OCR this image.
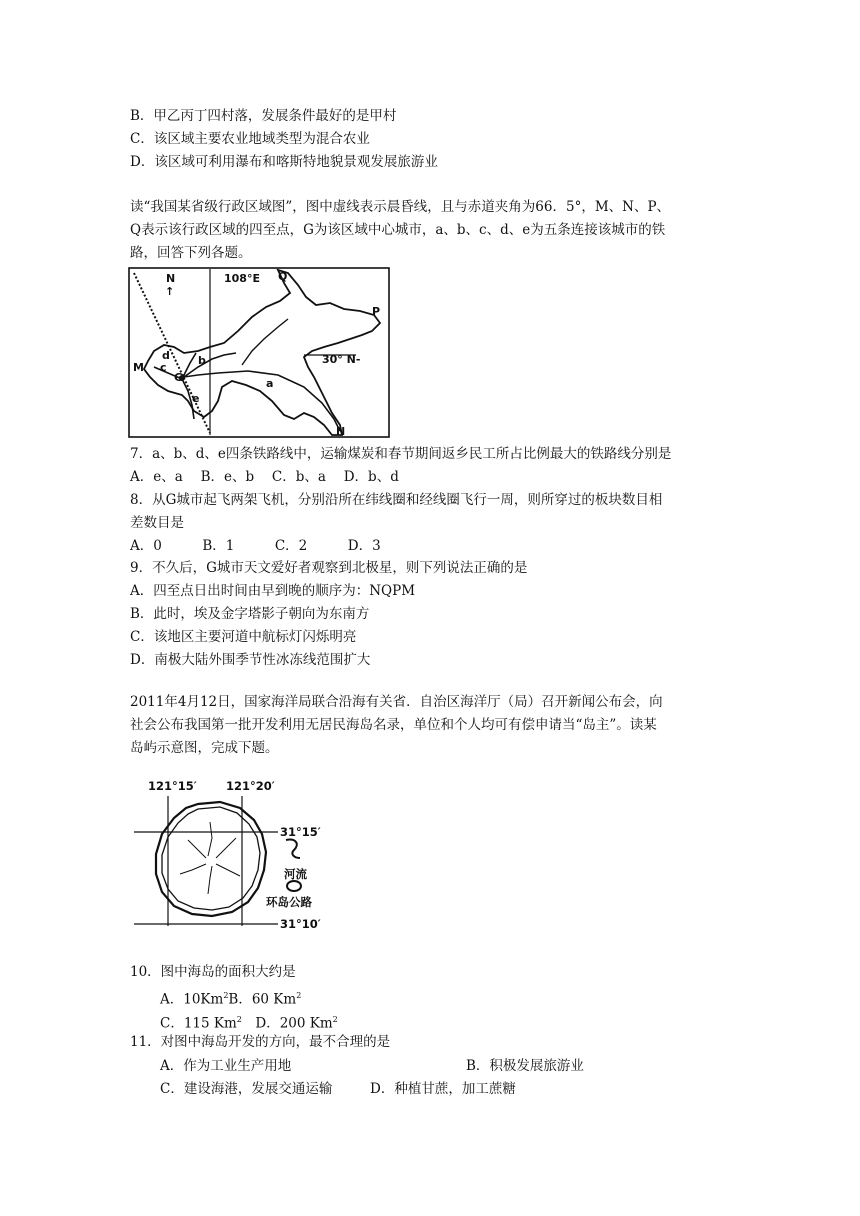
B．甲乙丙丁四村落，发展条件最好的是甲村
C．该区域主要农业地域类型为混合农业
D．该区域可利用瀑布和喀斯特地貌景观发展旅游业
读“我国某省级行政区域图”，图中虚线表示晨昏线，且与赤道夹角为66．5°，M、N、P、
Q表示该行政区域的四至点，G为该区域中心城市，a、b、c、d、e为五条连接该城市的铁
路，回答下列各题。
N
↑
108°E Q
P
30° N-
M
N
G
b
c
d
e
a
7．a、b、d、e四条铁路线中，运输煤炭和春节期间返乡民工所占比例最大的铁路线分别是
A．e、a　 B．e、b　 C．b、a　 D．b、d
8．从G城市起飞两架飞机，分别沿所在纬线圈和经线圈飞行一周，则所穿过的板块数目相
差数目是
A．0　　　B．1　　　C．2　　　D．3
9．不久后，G城市天文爱好者观察到北极星，则下列说法正确的是
A．四至点日出时间由早到晚的顺序为：NQPM
B．此时，埃及金字塔影子朝向为东南方
C．该地区主要河道中航标灯闪烁明亮
D．南极大陆外围季节性冰冻线范围扩大
2011年4月12日，国家海洋局联合沿海有关省．自治区海洋厅（局）召开新闻公布会，向
社会公布我国第一批开发利用无居民海岛名录，单位和个人均可有偿申请当“岛主”。读某
岛屿示意图，完成下题。
121°15′	121°20′
31°15′
31°10′
河流
环岛公路
10．图中海岛的面积大约是
A．10Km$^2$B．60 Km$^2$
C．115 Km$^2$　 D．200 Km$^2$
11．对图中海岛开发的方向，最不合理的是
A．作为工业生产用地	B．积极发展旅游业
C．建设海港，发展交通运输	D．种植甘蔗，加工蔗糖
